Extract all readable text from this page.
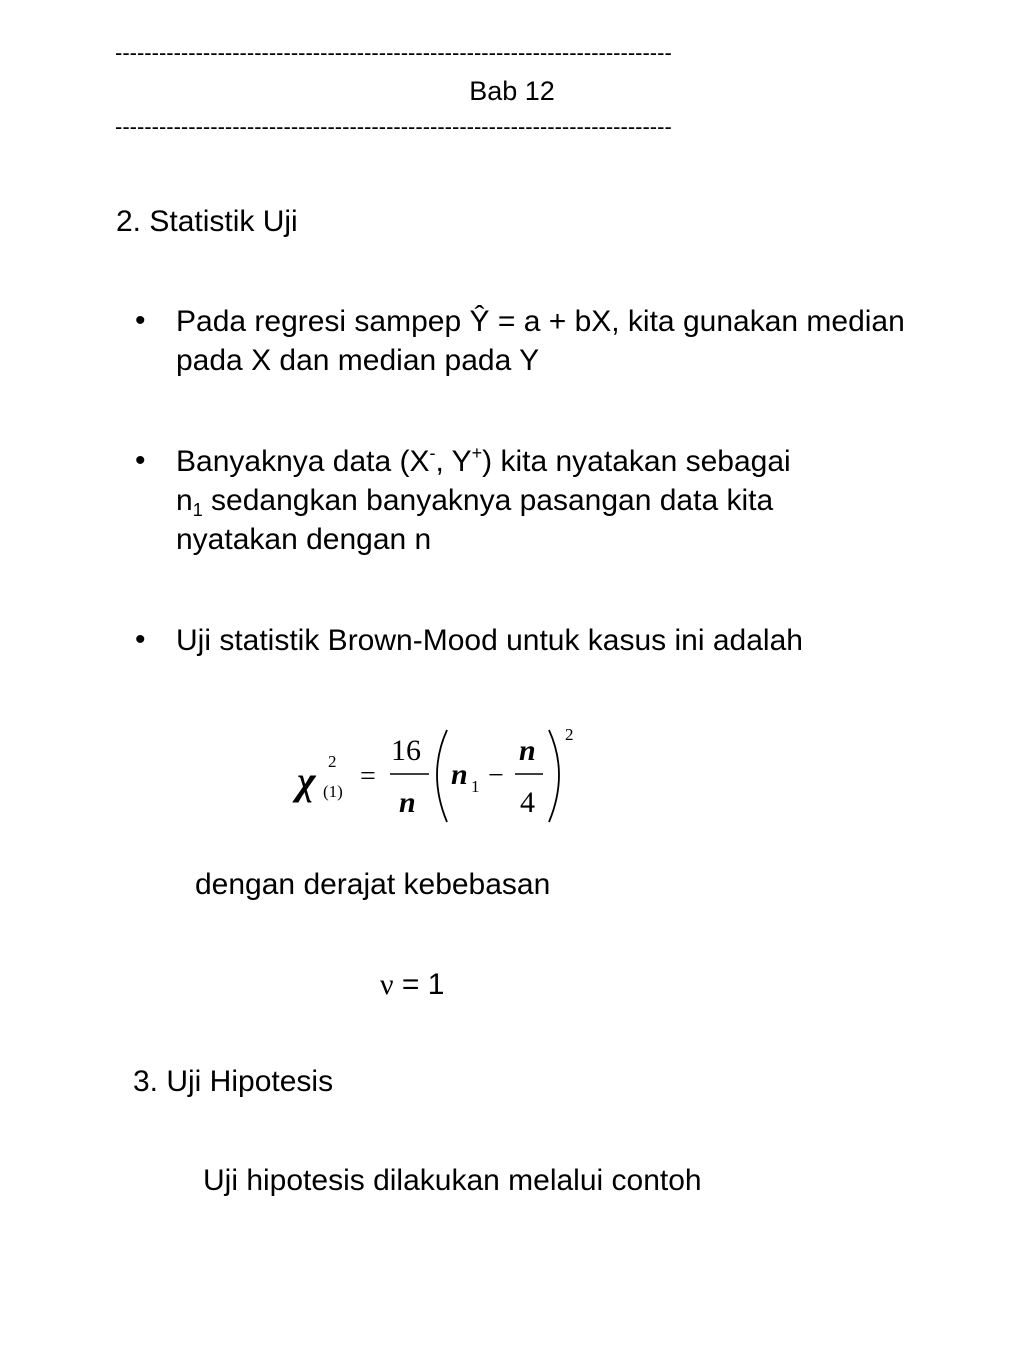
----------------------------------------------------------------------------
Bab 12
----------------------------------------------------------------------------
2. Statistik Uji
• Pada regresi sampep Ŷ = a + bX, kita gunakan median pada X dan median pada Y
• Banyaknya data (X-, Y+) kita nyatakan sebagai
$n_1$ sedangkan banyaknya pasangan data kita
nyatakan dengan n
• Uji statistik Brown-Mood untuk kasus ini adalah
χ 2
(1) =
16
n
n 1 −
n
4
2
dengan derajat kebebasan
ν = 1
3. Uji Hipotesis
Uji hipotesis dilakukan melalui contoh
